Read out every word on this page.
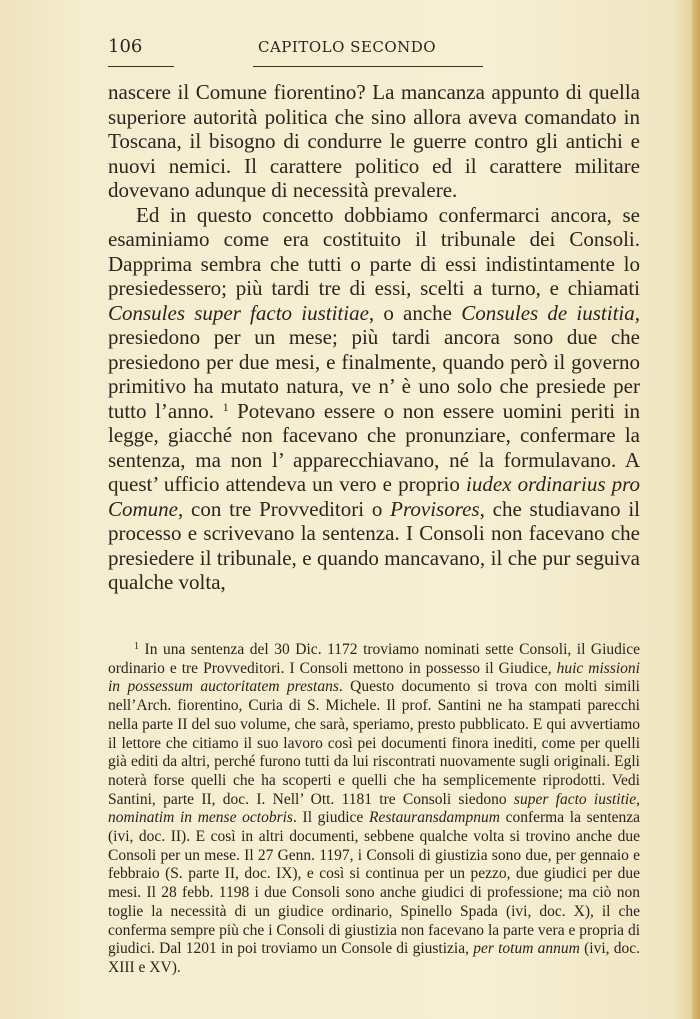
106	CAPITOLO SECONDO

nascere il Comune fiorentino? La mancanza appunto di quella superiore autorità politica che sino allora aveva comandato in Toscana, il bisogno di condurre le guerre contro gli antichi e nuovi nemici. Il carattere politico ed il carattere militare dovevano adunque di necessità prevalere.

Ed in questo concetto dobbiamo confermarci ancora, se esaminiamo come era costituito il tribunale dei Consoli. Dapprima sembra che tutti o parte di essi indistintamente lo presiedessero; più tardi tre di essi, scelti a turno, e chiamati Consules super facto iustitiae, o anche Consules de iustitia, presiedono per un mese; più tardi ancora sono due che presiedono per due mesi, e finalmente, quando però il governo primitivo ha mutato natura, ve n’ è uno solo che presiede per tutto l’anno. $^1$ Potevano essere o non essere uomini periti in legge, giacché non facevano che pronunziare, confermare la sentenza, ma non l’ apparecchiavano, né la formulavano. A quest’ ufficio attendeva un vero e proprio iudex ordinarius pro Comune, con tre Provveditori o Provisores, che studiavano il processo e scrivevano la sentenza. I Consoli non facevano che presiedere il tribunale, e quando mancavano, il che pur seguiva qualche volta,

$^1$ In una sentenza del 30 Dic. 1172 troviamo nominati sette Consoli, il Giudice ordinario e tre Provveditori. I Consoli mettono in possesso il Giudice, huic missioni in possessum auctoritatem prestans. Questo documento si trova con molti simili nell’Arch. fiorentino, Curia di S. Michele. Il prof. Santini ne ha stampati parecchi nella parte II del suo volume, che sarà, speriamo, presto pubblicato. E qui avvertiamo il lettore che citiamo il suo lavoro così pei documenti finora inediti, come per quelli già editi da altri, perché furono tutti da lui riscontrati nuovamente sugli originali. Egli noterà forse quelli che ha scoperti e quelli che ha semplicemente riprodotti. Vedi Santini, parte II, doc. I. Nell’ Ott. 1181 tre Consoli siedono super facto iustitie, nominatim in mense octobris. Il giudice Restauransdampnum conferma la sentenza (ivi, doc. II). E così in altri documenti, sebbene qualche volta si trovino anche due Consoli per un mese. Il 27 Genn. 1197, i Consoli di giustizia sono due, per gennaio e febbraio (S. parte II, doc. IX), e così si continua per un pezzo, due giudici per due mesi. Il 28 febb. 1198 i due Consoli sono anche giudici di professione; ma ciò non toglie la necessità di un giudice ordinario, Spinello Spada (ivi, doc. X), il che conferma sempre più che i Consoli di giustizia non facevano la parte vera e propria di giudici. Dal 1201 in poi troviamo un Console di giustizia, per totum annum (ivi, doc. XIII e XV).
